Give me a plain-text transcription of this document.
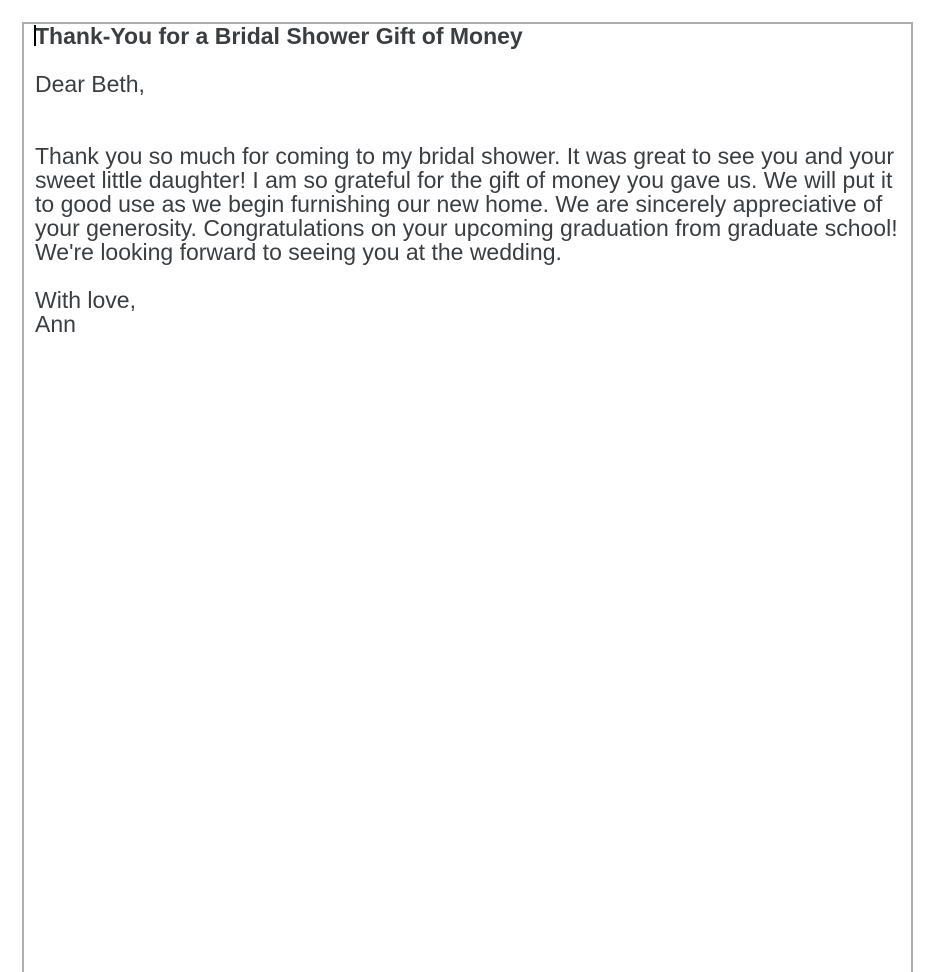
Thank-You for a Bridal Shower Gift of Money
Dear Beth,
Thank you so much for coming to my bridal shower. It was great to see you and your
sweet little daughter! I am so grateful for the gift of money you gave us. We will put it
to good use as we begin furnishing our new home. We are sincerely appreciative of
your generosity. Congratulations on your upcoming graduation from graduate school!
We're looking forward to seeing you at the wedding.
With love,
Ann
